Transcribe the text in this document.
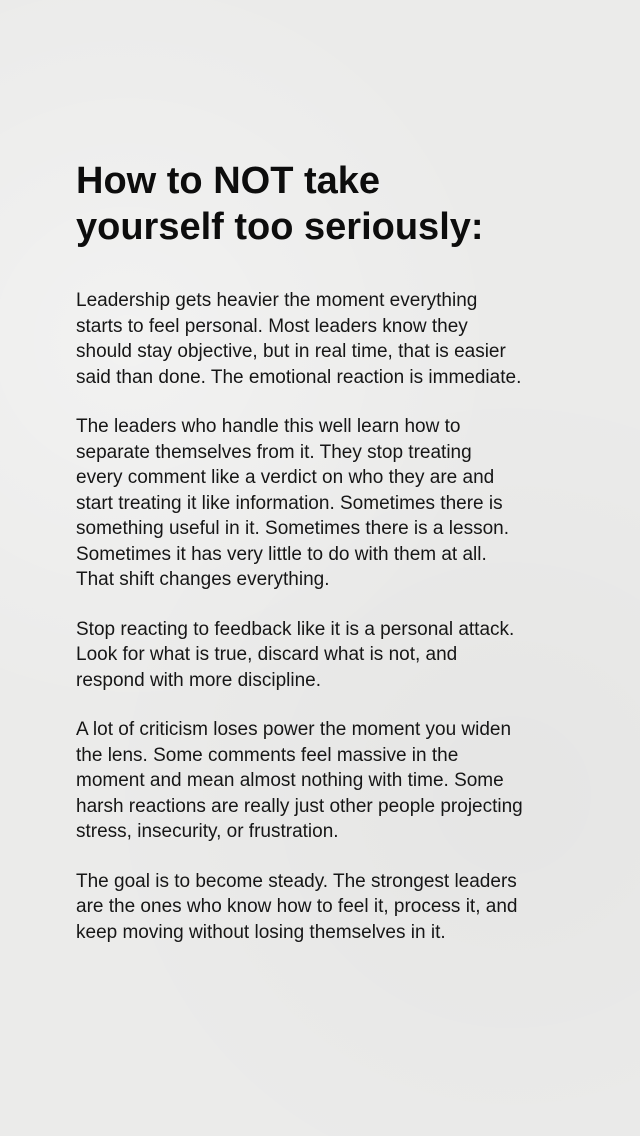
How to NOT take
yourself too seriously:

Leadership gets heavier the moment everything
starts to feel personal. Most leaders know they
should stay objective, but in real time, that is easier
said than done. The emotional reaction is immediate.

The leaders who handle this well learn how to
separate themselves from it. They stop treating
every comment like a verdict on who they are and
start treating it like information. Sometimes there is
something useful in it. Sometimes there is a lesson.
Sometimes it has very little to do with them at all.
That shift changes everything.

Stop reacting to feedback like it is a personal attack.
Look for what is true, discard what is not, and
respond with more discipline.

A lot of criticism loses power the moment you widen
the lens. Some comments feel massive in the
moment and mean almost nothing with time. Some
harsh reactions are really just other people projecting
stress, insecurity, or frustration.

The goal is to become steady. The strongest leaders
are the ones who know how to feel it, process it, and
keep moving without losing themselves in it.
